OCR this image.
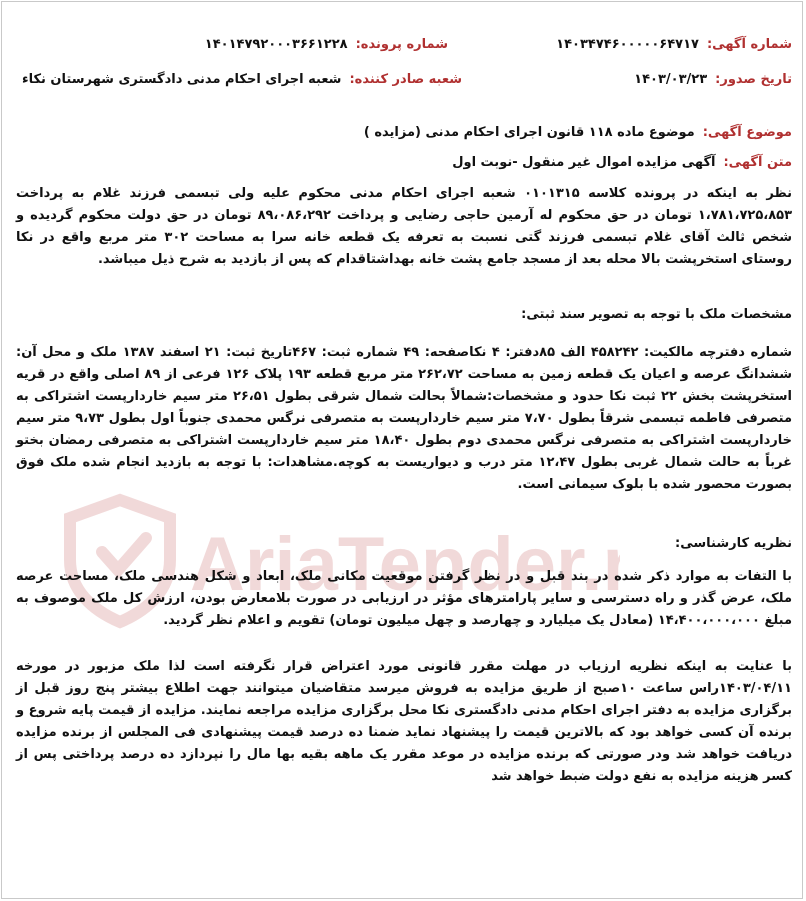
AriaTender.
شماره آگهی:۱۴۰۳۴۷۴۶۰۰۰۰۰۶۴۷۱۷
شماره پرونده:۱۴۰۱۴۷۹۲۰۰۰۳۶۶۱۲۲۸
تاریخ صدور:۱۴۰۳/۰۳/۲۳
شعبه صادر کننده:شعبه اجرای احکام مدنی دادگستری شهرستان نکاء
موضوع آگهی:موضوع ماده ۱۱۸ قانون اجرای احکام مدنی (مزایده )
متن آگهی:آگهی مزایده اموال غیر منقول -نوبت اول

نظر به اینکه در پرونده کلاسه ۰۱۰۱۳۱۵ شعبه اجرای احکام مدنی محکوم علیه ولی تبسمی فرزند غلام به پرداخت ۱،۷۸۱،۷۲۵،۸۵۳ تومان در حق محکوم له آرمین حاجی رضایی و پرداخت ۸۹،۰۸۶،۲۹۲ تومان در حق دولت محکوم گردیده و شخص ثالث آقای غلام تبسمی فرزند گتی نسبت به تعرفه یک قطعه خانه سرا به مساحت ۳۰۲ متر مربع واقع در نکا روستای استخرپشت بالا محله بعد از مسجد جامع پشت خانه بهداشتاقدام که پس از بازدید به شرح ذیل میباشد.

مشخصات ملک با توجه به تصویر سند ثبتی:

شماره دفترچه مالکیت: ۴۵۸۲۴۲ الف ۸۵دفتر: ۴ نکاصفحه: ۴۹ شماره ثبت: ۴۶۷تاریخ ثبت: ۲۱ اسفند ۱۳۸۷ ملک و محل آن: ششدانگ عرصه و اعیان یک قطعه زمین به مساحت ۲۶۲،۷۲ متر مربع قطعه ۱۹۳ پلاک ۱۲۶ فرعی از ۸۹ اصلی واقع در قریه استخرپشت بخش ۲۲ ثبت نکا حدود و مشخصات:شمالاً بحالت شمال شرقی بطول ۲۶،۵۱ متر سیم خاردارپست اشتراکی به متصرفی فاطمه تبسمی شرقاً بطول ۷،۷۰ متر سیم خاردارپست به متصرفی نرگس محمدی جنوباً اول بطول ۹،۷۳ متر سیم خاردارپست اشتراکی به متصرفی نرگس محمدی دوم بطول ۱۸،۴۰ متر سیم خاردارپست اشتراکی به متصرفی رمضان بختو غرباً به حالت شمال غربی بطول ۱۲،۴۷ متر درب و دیواریست به کوچه.مشاهدات: با توجه به بازدید انجام شده ملک فوق بصورت محصور شده با بلوک سیمانی است.

نظریه کارشناسی:

با التفات به موارد ذکر شده در بند قبل و در نظر گرفتن موقعیت مکانی ملک، ابعاد و شکل هندسی ملک، مساحت عرصه ملک، عرض گذر و راه دسترسی و سایر پارامترهای مؤثر در ارزیابی در صورت بلامعارض بودن، ارزش کل ملک موصوف به مبلغ ۱۴،۴۰۰،۰۰۰،۰۰۰ (معادل یک میلیارد و چهارصد و چهل میلیون تومان) تقویم و اعلام نظر گردید.

با عنایت به اینکه نظریه ارزیاب در مهلت مقرر قانونی مورد اعتراض قرار نگرفته است لذا ملک مزبور در مورخه ۱۴۰۳/۰۴/۱۱راس ساعت ۱۰صبح از طریق مزایده به فروش میرسد متقاضیان میتوانند جهت اطلاع بیشتر پنج روز قبل از برگزاری مزایده به دفتر اجرای احکام مدنی دادگستری نکا محل برگزاری مزایده مراجعه نمایند. مزایده از قیمت پایه شروع و برنده آن کسی خواهد بود که بالاترین قیمت را پیشنهاد نماید ضمنا ده درصد قیمت پیشنهادی فی المجلس از برنده مزایده دریافت خواهد شد ودر صورتی که برنده مزایده در موعد مقرر یک ماهه بقیه بها مال را نپردازد ده درصد پرداختی پس از کسر هزینه مزایده به نفع دولت ضبط خواهد شد
